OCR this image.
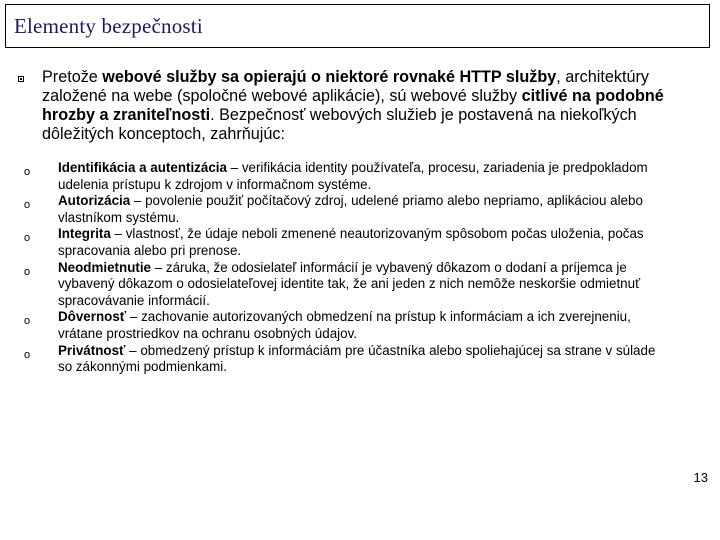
Elementy bezpečnosti
Pretože webové služby sa opierajú o niektoré rovnaké HTTP služby, architektúry založené na webe (spoločné webové aplikácie), sú webové služby citlivé na podobné hrozby a zraniteľnosti. Bezpečnosť webových služieb je postavená na niekoľkých dôležitých konceptoch, zahrňujúc:
o	Identifikácia a autentizácia – verifikácia identity používateľa, procesu, zariadenia je predpokladom udelenia prístupu k zdrojom v informačnom systéme.
o	Autorizácia – povolenie použiť počítačový zdroj, udelené priamo alebo nepriamo, aplikáciou alebo vlastníkom systému.
o	Integrita – vlastnosť, že údaje neboli zmenené neautorizovaným spôsobom počas uloženia, počas spracovania alebo pri prenose.
o	Neodmietnutie – záruka, že odosielateľ informácií je vybavený dôkazom o dodaní a príjemca je vybavený dôkazom o odosielateľovej identite tak, že ani jeden z nich nemôže neskoršie odmietnuť spracovávanie informácií.
o	Dôvernosť – zachovanie autorizovaných obmedzení na prístup k informáciam a ich zverejneniu, vrátane prostriedkov na ochranu osobných údajov.
o	Privátnosť – obmedzený prístup k informáciám pre účastníka alebo spoliehajúcej sa strane v súlade so zákonnými podmienkami.
13
